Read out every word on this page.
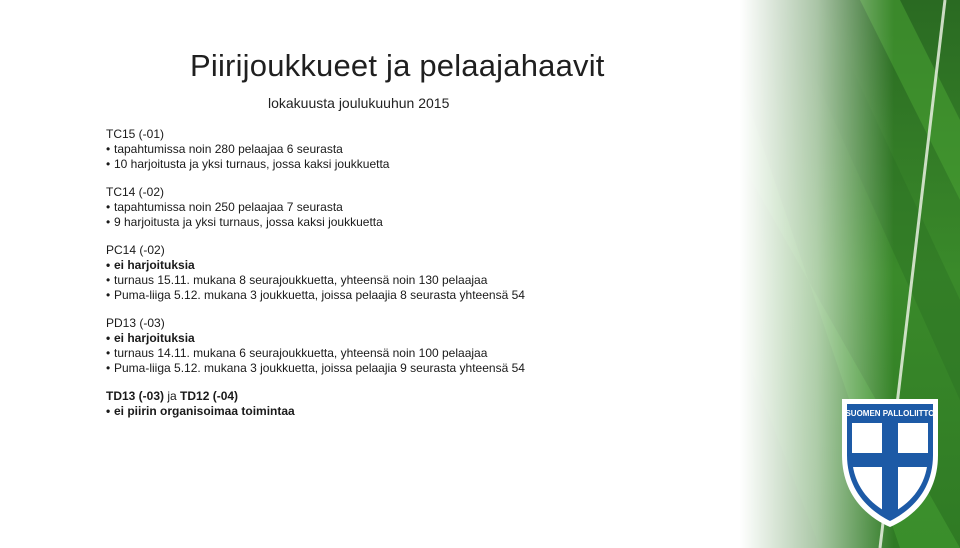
SUOMEN PALLOLIITTO
Piirijoukkueet ja pelaajahaavit
lokakuusta joulukuuhun 2015
TC15 (-01)
• tapahtumissa noin 280 pelaajaa 6 seurasta
• 10 harjoitusta ja yksi turnaus, jossa kaksi joukkuetta
TC14 (-02)
• tapahtumissa noin 250 pelaajaa 7 seurasta
• 9 harjoitusta ja yksi turnaus, jossa kaksi joukkuetta
PC14 (-02)
• ei harjoituksia
• turnaus 15.11. mukana 8 seurajoukkuetta, yhteensä noin 130 pelaajaa
• Puma-liiga 5.12. mukana 3 joukkuetta, joissa pelaajia 8 seurasta yhteensä 54
PD13 (-03)
• ei harjoituksia
• turnaus 14.11. mukana 6 seurajoukkuetta, yhteensä noin 100 pelaajaa
• Puma-liiga 5.12. mukana 3 joukkuetta, joissa pelaajia 9 seurasta yhteensä 54
TD13 (-03) ja TD12 (-04)
• ei piirin organisoimaa toimintaa
